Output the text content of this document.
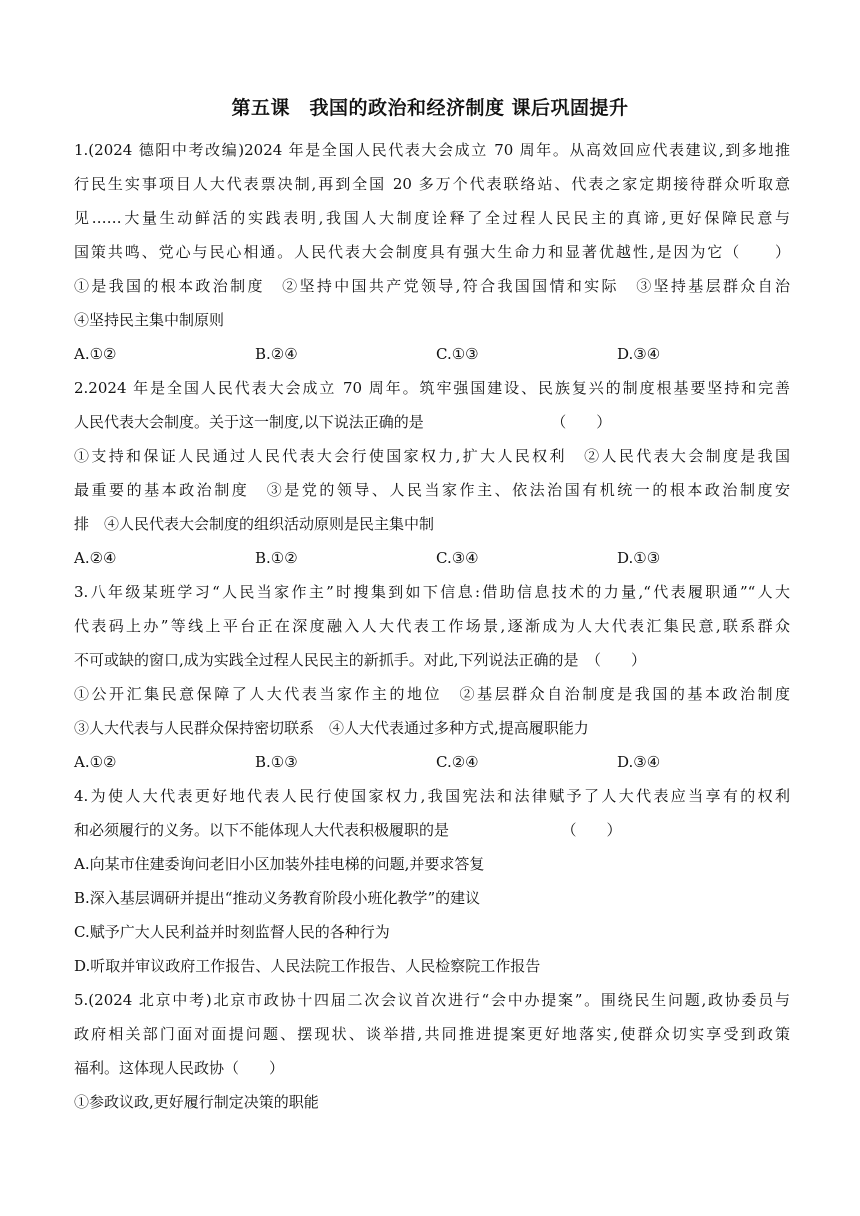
第五课　我国的政治和经济制度 课后巩固提升
1.(2024 德阳中考改编)2024 年是全国人民代表大会成立 70 周年。从高效回应代表建议,到多地推
行民生实事项目人大代表票决制,再到全国 20 多万个代表联络站、代表之家定期接待群众听取意
见……大量生动鲜活的实践表明,我国人大制度诠释了全过程人民民主的真谛,更好保障民意与
国策共鸣、党心与民心相通。人民代表大会制度具有强大生命力和显著优越性,是因为它（　　）
①是我国的根本政治制度　②坚持中国共产党领导,符合我国国情和实际　③坚持基层群众自治
④坚持民主集中制原则
A.①②	B.②④	C.①③	D.③④
2.2024 年是全国人民代表大会成立 70 周年。筑牢强国建设、民族复兴的制度根基要坚持和完善
人民代表大会制度。关于这一制度,以下说法正确的是　　　　　　　　　（　　）
①支持和保证人民通过人民代表大会行使国家权力,扩大人民权利　②人民代表大会制度是我国
最重要的基本政治制度　③是党的领导、人民当家作主、依法治国有机统一的根本政治制度安
排　④人民代表大会制度的组织活动原则是民主集中制
A.②④	B.①②	C.③④	D.①③
3.八年级某班学习“人民当家作主”时搜集到如下信息:借助信息技术的力量,“代表履职通”“人大
代表码上办”等线上平台正在深度融入人大代表工作场景,逐渐成为人大代表汇集民意,联系群众
不可或缺的窗口,成为实践全过程人民民主的新抓手。对此,下列说法正确的是　（　　）
①公开汇集民意保障了人大代表当家作主的地位　②基层群众自治制度是我国的基本政治制度
③人大代表与人民群众保持密切联系　④人大代表通过多种方式,提高履职能力
A.①②	B.①③	C.②④	D.③④
4.为使人大代表更好地代表人民行使国家权力,我国宪法和法律赋予了人大代表应当享有的权利
和必须履行的义务。以下不能体现人大代表积极履职的是　　　　　　　　（　　）
A.向某市住建委询问老旧小区加装外挂电梯的问题,并要求答复
B.深入基层调研并提出“推动义务教育阶段小班化教学”的建议
C.赋予广大人民利益并时刻监督人民的各种行为
D.听取并审议政府工作报告、人民法院工作报告、人民检察院工作报告
5.(2024 北京中考)北京市政协十四届二次会议首次进行“会中办提案”。围绕民生问题,政协委员与
政府相关部门面对面提问题、摆现状、谈举措,共同推进提案更好地落实,使群众切实享受到政策
福利。这体现人民政协（　　）
①参政议政,更好履行制定决策的职能
